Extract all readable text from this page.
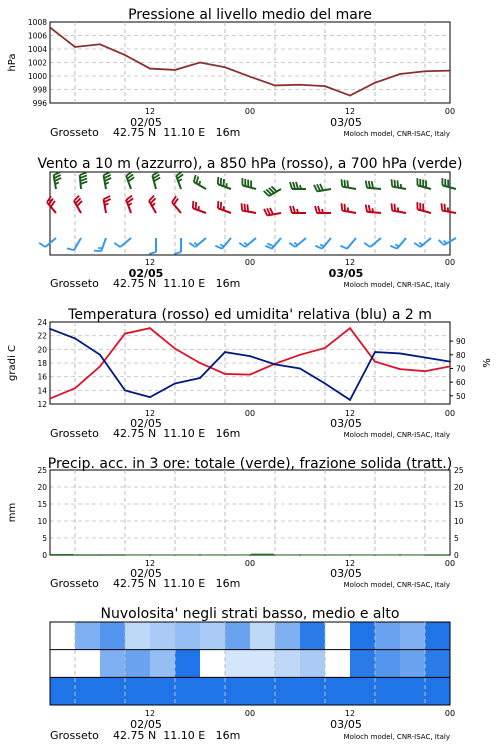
996
998
1000
1002
1004
1006
1008
12	00	12	00
02/05	03/05
Grosseto 42.75 N  11.10 E   16m	Moloch model, CNR-ISAC, Italy
Pressione al livello medio del mare
hPa
12	00	12	00
02/05	03/05
Grosseto 42.75 N  11.10 E   16m	Moloch model, CNR-ISAC, Italy
Vento a 10 m (azzurro), a 850 hPa (rosso), a 700 hPa (verde)
12
14
16
18
20
22
24
50
60
70
80
90
12	00	12	00
02/05	03/05
Grosseto 42.75 N  11.10 E   16m	Moloch model, CNR-ISAC, Italy
Temperatura (rosso) ed umidita' relativa (blu) a 2 m
gradi C	%
0	0
5	5
10	10
15	15
20	20
25	25
12	00	12	00
02/05	03/05
Grosseto 42.75 N  11.10 E   16m	Moloch model, CNR-ISAC, Italy
Precip. acc. in 3 ore: totale (verde), frazione solida (tratt.)
mm
Nuvolosita' negli strati basso, medio e alto
12	00	12	00
02/05	03/05
Grosseto 42.75 N  11.10 E   16m	Moloch model, CNR-ISAC, Italy
